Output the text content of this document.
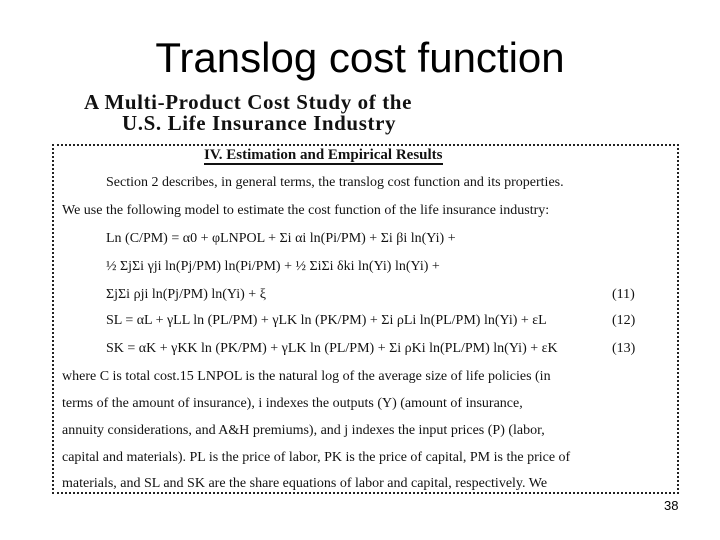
Translog cost function
A Multi-Product Cost Study of the
U.S. Life Insurance Industry
IV. Estimation and Empirical Results
Section 2 describes, in general terms, the translog cost function and its properties.
We use the following model to estimate the cost function of the life insurance industry:
Ln (C/PM) = α0 + φLNPOL + Σi αi ln(Pi/PM) + Σi βi ln(Yi) +
½ ΣjΣi γji ln(Pj/PM) ln(Pi/PM) + ½ ΣiΣi δki ln(Yi) ln(Yi) +
ΣjΣi ρji ln(Pj/PM) ln(Yi) + ξ	(11)
SL = αL + γLL ln (PL/PM) + γLK ln (PK/PM) + Σi ρLi ln(PL/PM) ln(Yi) + εL	(12)
SK = αK + γKK ln (PK/PM) + γLK ln (PL/PM) + Σi ρKi ln(PL/PM) ln(Yi) + εK	(13)
where C is total cost.15 LNPOL is the natural log of the average size of life policies (in
terms of the amount of insurance), i indexes the outputs (Y) (amount of insurance,
annuity considerations, and A&H premiums), and j indexes the input prices (P) (labor,
capital and materials). PL is the price of labor, PK is the price of capital, PM is the price of
materials, and SL and SK are the share equations of labor and capital, respectively. We
38
